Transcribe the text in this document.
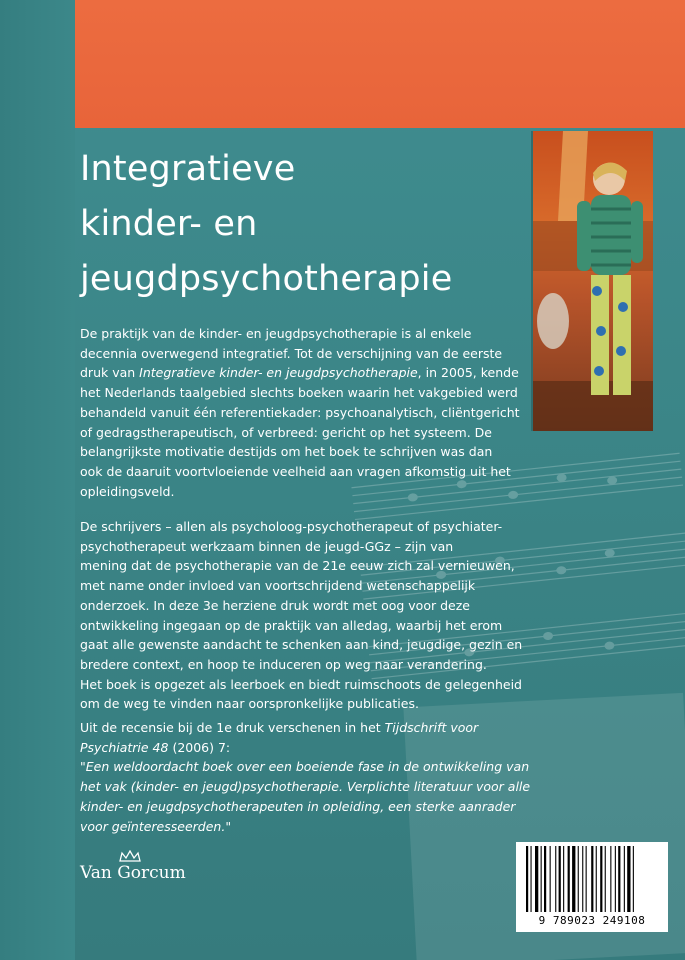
Integratieve
kinder- en
jeugdpsychotherapie

De praktijk van de kinder- en jeugdpsychotherapie is al enkele
decennia overwegend integratief. Tot de verschijning van de eerste
druk van Integratieve kinder- en jeugdpsychotherapie, in 2005, kende
het Nederlands taalgebied slechts boeken waarin het vakgebied werd
behandeld vanuit één referentiekader: psychoanalytisch, cliëntgericht
of gedragstherapeutisch, of verbreed: gericht op het systeem. De
belangrijkste motivatie destijds om het boek te schrijven was dan
ook de daaruit voortvloeiende veelheid aan vragen afkomstig uit het
opleidingsveld.

De schrijvers – allen als psycholoog-psychotherapeut of psychiater-
psychotherapeut werkzaam binnen de jeugd-GGz – zijn van
mening dat de psychotherapie van de 21e eeuw zich zal vernieuwen,
met name onder invloed van voortschrijdend wetenschappelijk
onderzoek. In deze 3e herziene druk wordt met oog voor deze
ontwikkeling ingegaan op de praktijk van alledag, waarbij het erom
gaat alle gewenste aandacht te schenken aan kind, jeugdige, gezin en
bredere context, en hoop te induceren op weg naar verandering.
Het boek is opgezet als leerboek en biedt ruimschoots de gelegenheid
om de weg te vinden naar oorspronkelijke publicaties.

Uit de recensie bij de 1e druk verschenen in het Tijdschrift voor
Psychiatrie 48 (2006) 7:
"Een weldoordacht boek over een boeiende fase in de ontwikkeling van
het vak (kinder- en jeugd)psychotherapie. Verplichte literatuur voor alle
kinder- en jeugdpsychotherapeuten in opleiding, een sterke aanrader
voor geïnteresseerden."

Van Gorcum
9 789023 249108
